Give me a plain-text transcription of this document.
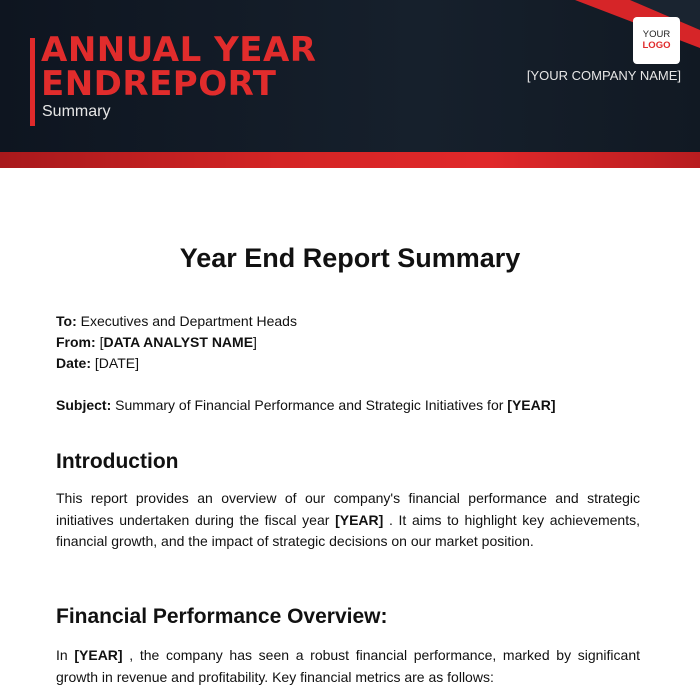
ANNUAL YEAR
ENDREPORT
Summary
YOUR
LOGO
[YOUR COMPANY NAME]
Year End Report Summary
To: Executives and Department Heads
From: [DATA ANALYST NAME]
Date: [DATE]
Subject: Summary of Financial Performance and Strategic Initiatives for [YEAR]
Introduction

This report provides an overview of our company's financial performance and strategic initiatives undertaken during the fiscal year [YEAR] . It aims to highlight key achievements, financial growth, and the impact of strategic decisions on our market position.

Financial Performance Overview:

In [YEAR] , the company has seen a robust financial performance, marked by significant growth in revenue and profitability. Key financial metrics are as follows:
